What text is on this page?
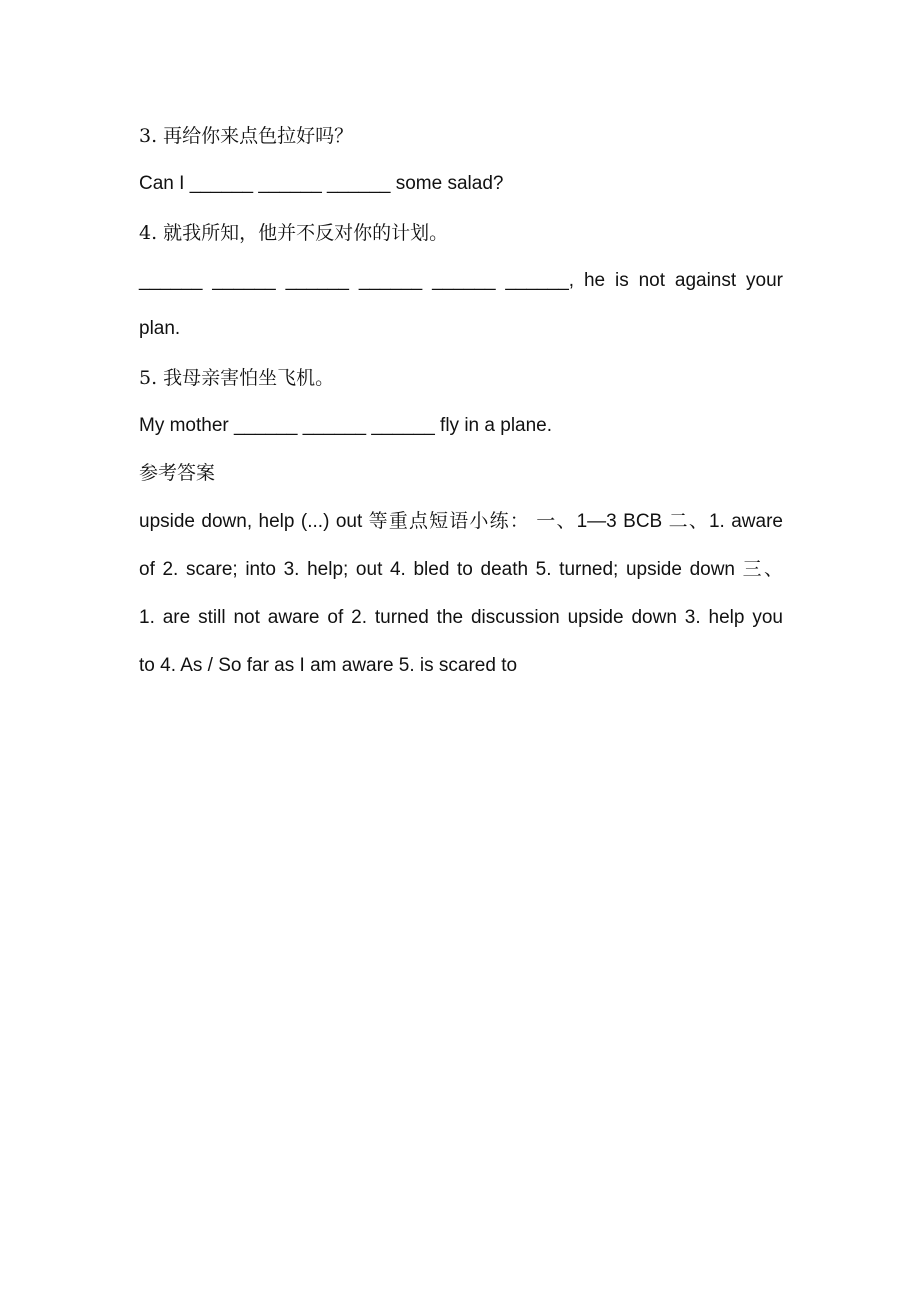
3. 再给你来点色拉好吗？
Can I ______ ______ ______ some salad?
4. 就我所知，他并不反对你的计划。
______ ______ ______ ______ ______ ______, he is not against your
plan.
5. 我母亲害怕坐飞机。
My mother ______ ______ ______ fly in a plane.
参考答案
upside down, help (...) out 等重点短语小练： 一、1—3 BCB 二、1. aware
of 2. scare; into 3. help; out 4. bled to death 5. turned; upside down 三、
1. are still not aware of 2. turned the discussion upside down 3. help you
to 4. As / So far as I am aware 5. is scared to
